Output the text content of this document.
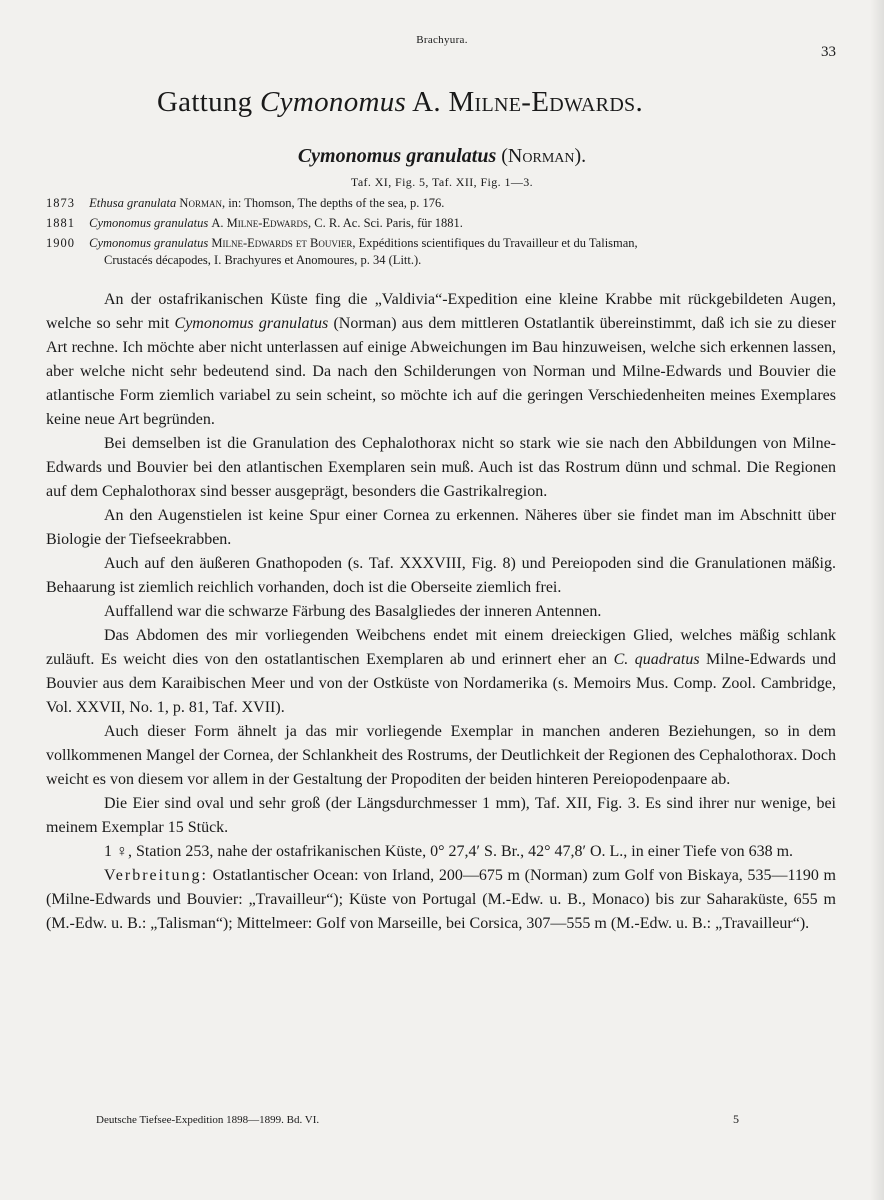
Brachyura.
33
Gattung Cymonomus A. Milne-Edwards.
Cymonomus granulatus (Norman).
Taf. XI, Fig. 5, Taf. XII, Fig. 1—3.
1873 Ethusa granulata Norman, in: Thomson, The depths of the sea, p. 176.
1881 Cymonomus granulatus A. Milne-Edwards, C. R. Ac. Sci. Paris, für 1881.
1900 Cymonomus granulatus Milne-Edwards et Bouvier, Expéditions scientifiques du Travailleur et du Talisman,
Crustacés décapodes, I. Brachyures et Anomoures, p. 34 (Litt.).

An der ostafrikanischen Küste fing die „Valdivia“-Expedition eine kleine Krabbe mit rückgebildeten Augen, welche so sehr mit Cymonomus granulatus (Norman) aus dem mittleren Ostatlantik übereinstimmt, daß ich sie zu dieser Art rechne. Ich möchte aber nicht unterlassen auf einige Abweichungen im Bau hinzuweisen, welche sich erkennen lassen, aber welche nicht sehr bedeutend sind. Da nach den Schilderungen von Norman und Milne-Edwards und Bouvier die atlantische Form ziemlich variabel zu sein scheint, so möchte ich auf die geringen Verschiedenheiten meines Exemplares keine neue Art begründen.

Bei demselben ist die Granulation des Cephalothorax nicht so stark wie sie nach den Abbildungen von Milne-Edwards und Bouvier bei den atlantischen Exemplaren sein muß. Auch ist das Rostrum dünn und schmal. Die Regionen auf dem Cephalothorax sind besser ausgeprägt, besonders die Gastrikalregion.

An den Augenstielen ist keine Spur einer Cornea zu erkennen. Näheres über sie findet man im Abschnitt über Biologie der Tiefseekrabben.

Auch auf den äußeren Gnathopoden (s. Taf. XXXVIII, Fig. 8) und Pereiopoden sind die Granulationen mäßig. Behaarung ist ziemlich reichlich vorhanden, doch ist die Oberseite ziemlich frei.

Auffallend war die schwarze Färbung des Basalgliedes der inneren Antennen.

Das Abdomen des mir vorliegenden Weibchens endet mit einem dreieckigen Glied, welches mäßig schlank zuläuft. Es weicht dies von den ostatlantischen Exemplaren ab und erinnert eher an C. quadratus Milne-Edwards und Bouvier aus dem Karaibischen Meer und von der Ostküste von Nordamerika (s. Memoirs Mus. Comp. Zool. Cambridge, Vol. XXVII, No. 1, p. 81, Taf. XVII).

Auch dieser Form ähnelt ja das mir vorliegende Exemplar in manchen anderen Beziehungen, so in dem vollkommenen Mangel der Cornea, der Schlankheit des Rostrums, der Deutlichkeit der Regionen des Cephalothorax. Doch weicht es von diesem vor allem in der Gestaltung der Propoditen der beiden hinteren Pereiopodenpaare ab.

Die Eier sind oval und sehr groß (der Längsdurchmesser 1 mm), Taf. XII, Fig. 3. Es sind ihrer nur wenige, bei meinem Exemplar 15 Stück.

1 ♀, Station 253, nahe der ostafrikanischen Küste, 0° 27,4′ S. Br., 42° 47,8′ O. L., in einer Tiefe von 638 m.

Verbreitung: Ostatlantischer Ocean: von Irland, 200—675 m (Norman) zum Golf von Biskaya, 535—1190 m (Milne-Edwards und Bouvier: „Travailleur“); Küste von Portugal (M.-Edw. u. B., Monaco) bis zur Saharaküste, 655 m (M.-Edw. u. B.: „Talisman“); Mittelmeer: Golf von Marseille, bei Corsica, 307—555 m (M.-Edw. u. B.: „Travailleur“).

Deutsche Tiefsee-Expedition 1898—1899. Bd. VI.	5
